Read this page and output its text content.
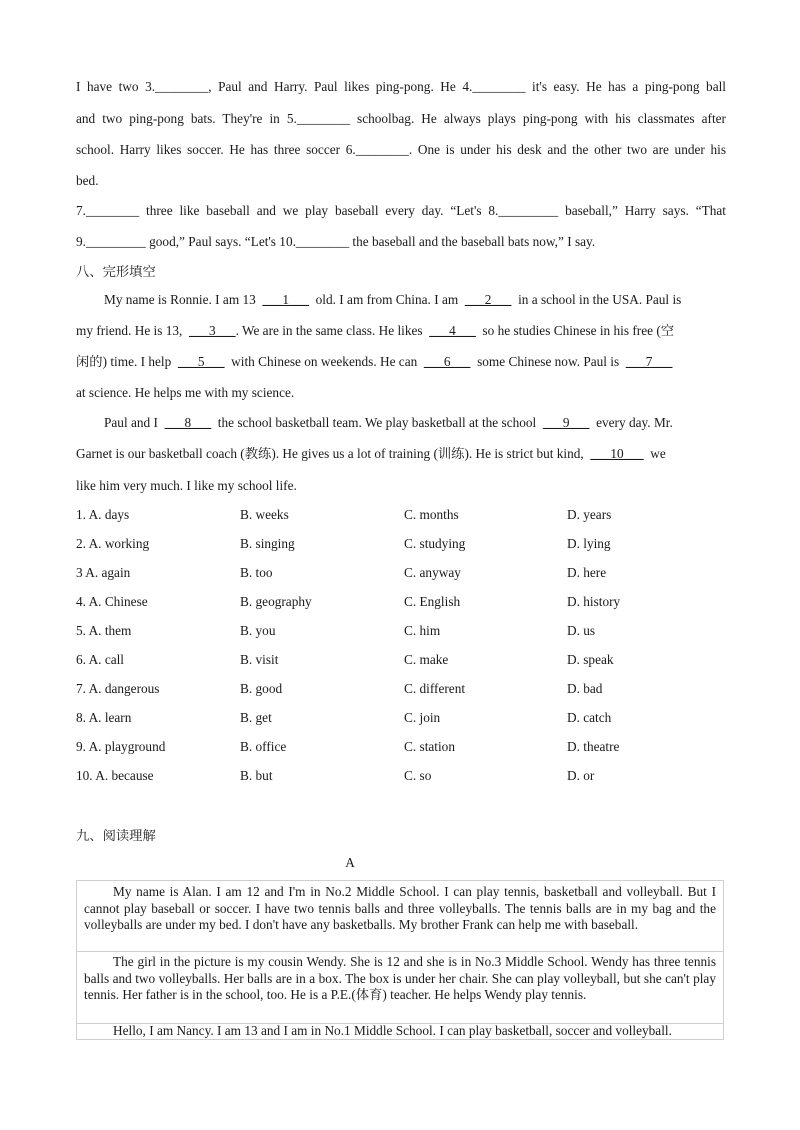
I have two 3.________, Paul and Harry. Paul likes ping-pong. He 4.________ it's easy. He has a ping-pong ball
and two ping-pong bats. They're in 5.________ schoolbag. He always plays ping-pong with his classmates after
school. Harry likes soccer. He has three soccer 6.________. One is under his desk and the other two are under his
bed.
7.________ three like baseball and we play baseball every day. “Let's 8._________ baseball,” Harry says. “That
9._________ good,” Paul says. “Let's 10.________ the baseball and the baseball bats now,” I say.
八、完形填空
My name is Ronnie. I am 13 ___1___ old. I am from China. I am ___2___ in a school in the USA. Paul is
my friend. He is 13, ___3___. We are in the same class. He likes ___4___ so he studies Chinese in his free (空
闲的) time. I help ___5___ with Chinese on weekends. He can ___6___ some Chinese now. Paul is ___7___
at science. He helps me with my science.
Paul and I ___8___ the school basketball team. We play basketball at the school ___9___ every day. Mr.
Garnet is our basketball coach (教练). He gives us a lot of training (训练). He is strict but kind, ___10___ we
like him very much. I like my school life.
1. A. days	B. weeks	C. months	D. years
2. A. working	B. singing	C. studying	D. lying
3 A. again	B. too	C. anyway	D. here
4. A. Chinese	B. geography	C. English	D. history
5. A. them	B. you	C. him	D. us
6. A. call	B. visit	C. make	D. speak
7. A. dangerous	B. good	C. different	D. bad
8. A. learn	B. get	C. join	D. catch
9. A. playground	B. office	C. station	D. theatre
10. A. because	B. but	C. so	D. or
九、阅读理解
A

My name is Alan. I am 12 and I'm in No.2 Middle School. I can play tennis, basketball and volleyball. But I cannot play baseball or soccer. I have two tennis balls and three volleyballs. The tennis balls are in my bag and the volleyballs are under my bed. I don't have any basketballs. My brother Frank can help me with baseball.

The girl in the picture is my cousin Wendy. She is 12 and she is in No.3 Middle School. Wendy has three tennis balls and two volleyballs. Her balls are in a box. The box is under her chair. She can play volleyball, but she can't play tennis. Her father is in the school, too. He is a P.E.(体育) teacher. He helps Wendy play tennis.

Hello, I am Nancy. I am 13 and I am in No.1 Middle School. I can play basketball, soccer and volleyball.
